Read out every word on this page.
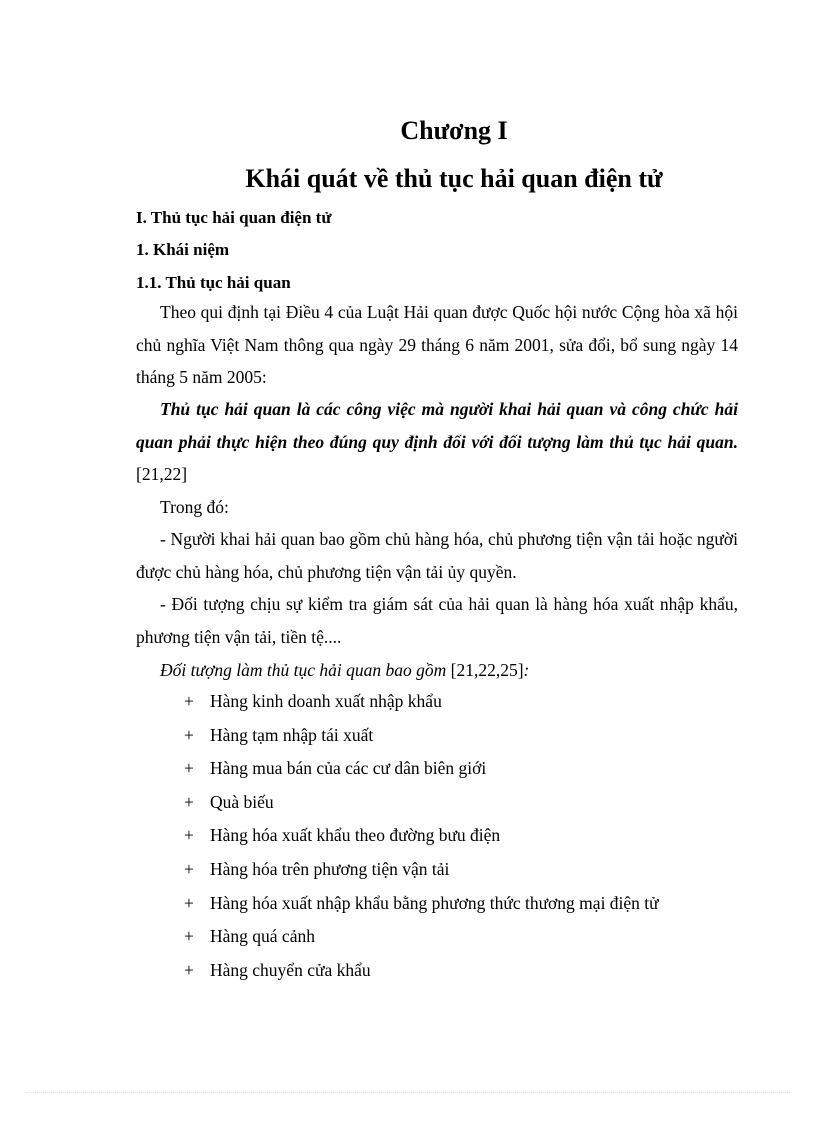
Chương I
Khái quát về thủ tục hải quan điện tử

I. Thủ tục hải quan điện tử

1. Khái niệm

1.1. Thủ tục hải quan

Theo qui định tại Điều 4 của Luật Hải quan được Quốc hội nước Cộng hòa xã hội chủ nghĩa Việt Nam thông qua ngày 29 tháng 6 năm 2001, sửa đổi, bổ sung ngày 14 tháng 5 năm 2005:

Thủ tục hải quan là các công việc mà người khai hải quan và công chức hải quan phải thực hiện theo đúng quy định đối với đối tượng làm thủ tục hải quan.[21,22]

Trong đó:

- Người khai hải quan bao gồm chủ hàng hóa, chủ phương tiện vận tải hoặc người được chủ hàng hóa, chủ phương tiện vận tải ủy quyền.

- Đối tượng chịu sự kiểm tra giám sát của hải quan là hàng hóa xuất nhập khẩu, phương tiện vận tải, tiền tệ....

Đối tượng làm thủ tục hải quan bao gồm [21,22,25]:

+ Hàng kinh doanh xuất nhập khẩu
+ Hàng tạm nhập tái xuất
+ Hàng mua bán của các cư dân biên giới
+ Quà biếu
+ Hàng hóa xuất khẩu theo đường bưu điện
+ Hàng hóa trên phương tiện vận tải
+ Hàng hóa xuất nhập khẩu bằng phương thức thương mại điện tử
+ Hàng quá cảnh
+ Hàng chuyển cửa khẩu
